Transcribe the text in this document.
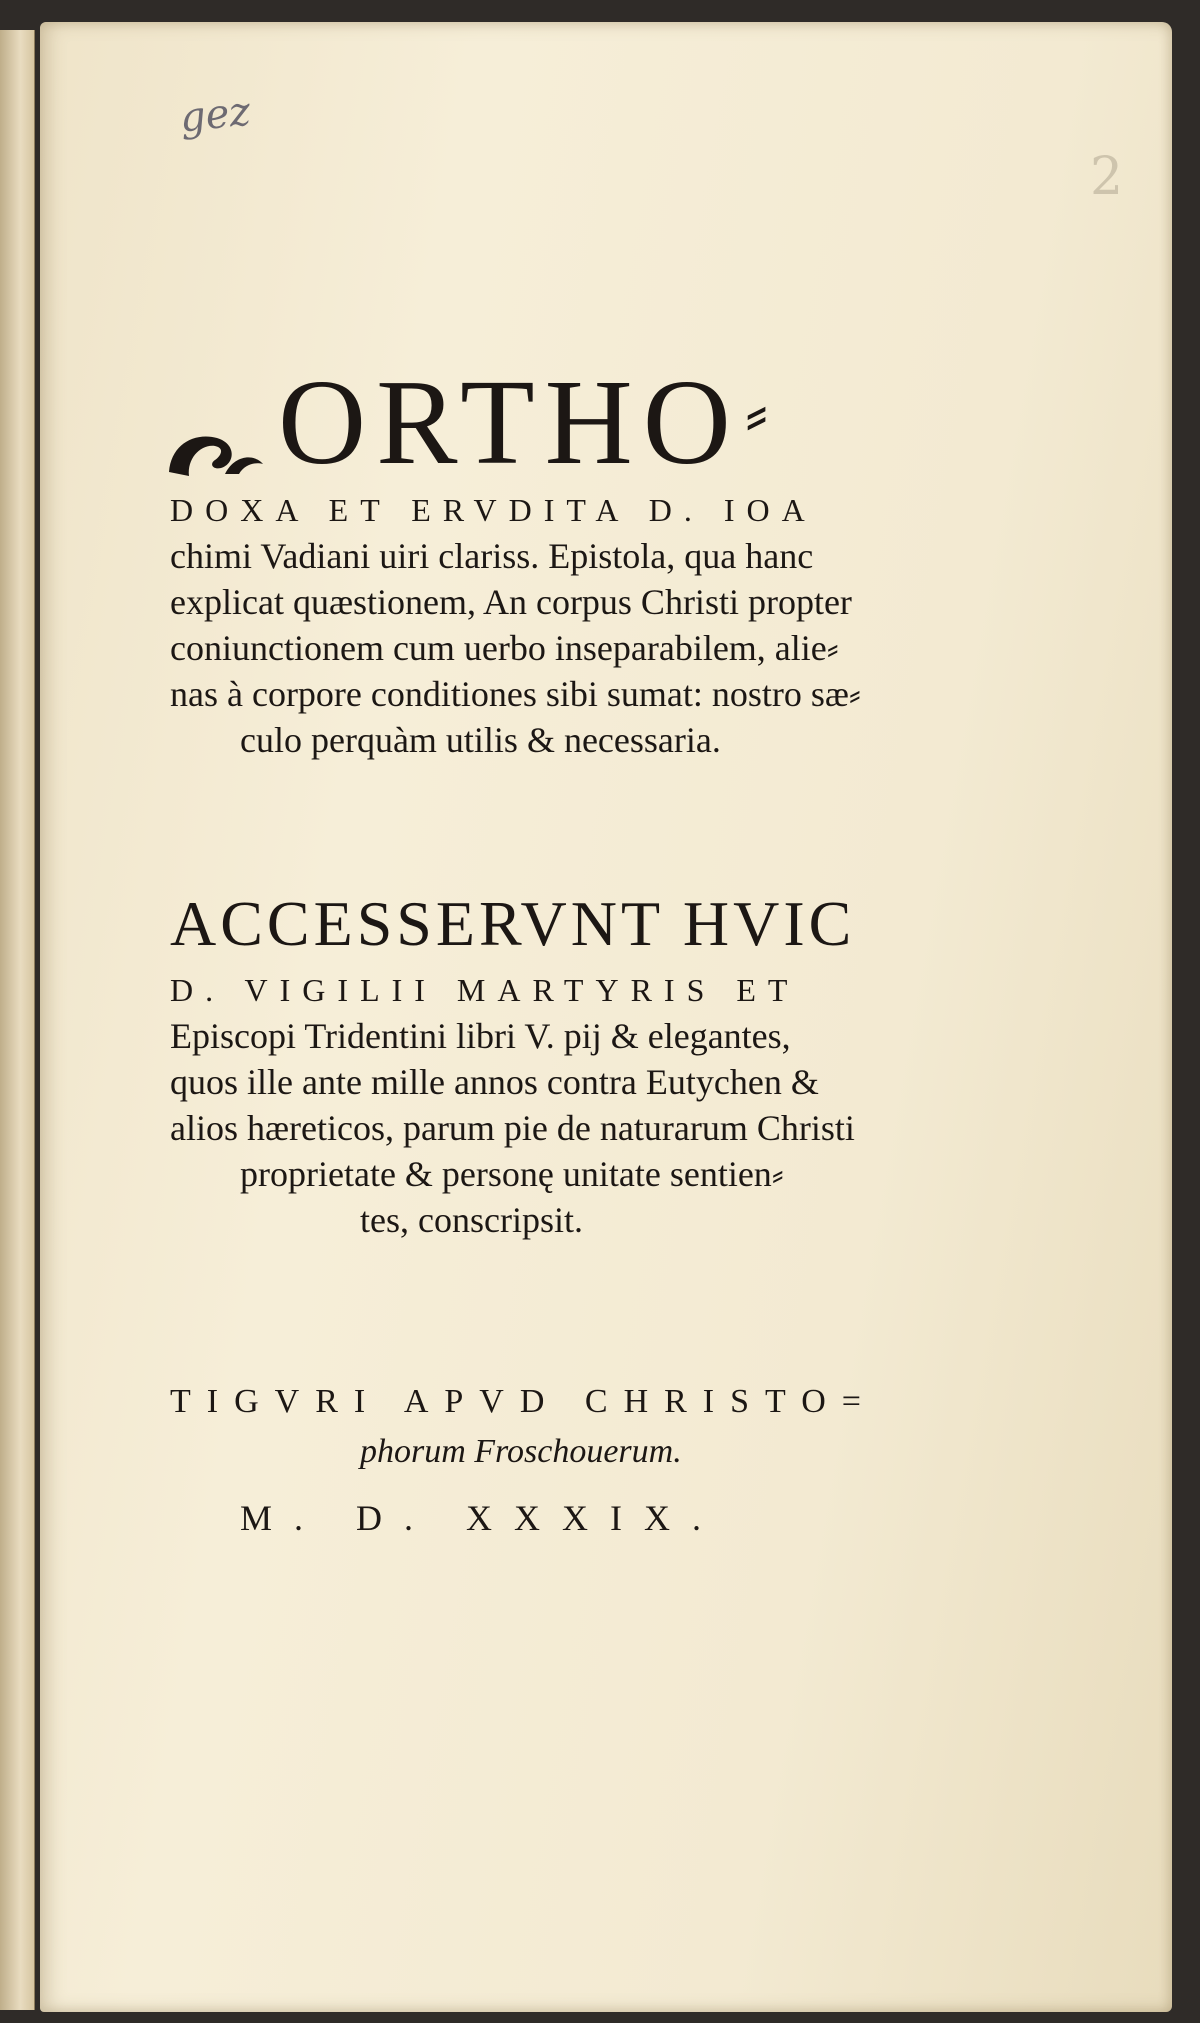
gez
2
ORTHO ⸗
DOXA ET ERVDITA D. IOA
chimi Vadiani uiri clariss. Epistola, qua hanc
explicat quæstionem, An corpus Christi propter
coniunctionem cum uerbo inseparabilem, alie⸗
nas à corpore conditiones sibi sumat: nostro sæ⸗
culo perquàm utilis & necessaria.
ACCESSERVNT HVIC
D. VIGILII MARTYRIS ET
Episcopi Tridentini libri V. pij & elegantes,
quos ille ante mille annos contra Eutychen &
alios hæreticos, parum pie de naturarum Christi
proprietate & personę unitate sentien⸗
tes, conscripsit.
TIGVRI APVD CHRISTO=
phorum Froschouerum.
M. D. XXXIX.
